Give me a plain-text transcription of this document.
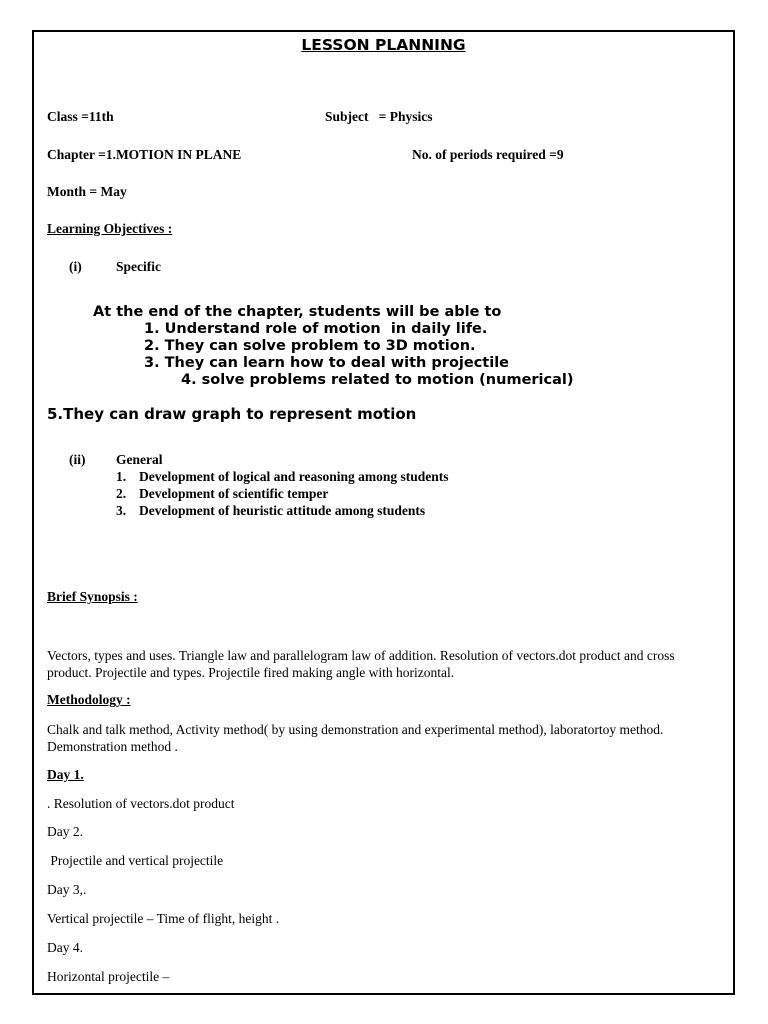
LESSON PLANNING
Class =11th	Subject   = Physics
Chapter =1.MOTION IN PLANE	No. of periods required =9
Month = May
Learning Objectives :
(i)	Specific
At the end of the chapter, students will be able to
1. Understand role of motion  in daily life.
2. They can solve problem to 3D motion.
3. They can learn how to deal with projectile
4. solve problems related to motion (numerical)
5.They can draw graph to represent motion
(ii) General
1. Development of logical and reasoning among students
2. Development of scientific temper
3. Development of heuristic attitude among students
Brief Synopsis :
Vectors, types and uses. Triangle law and parallelogram law of addition. Resolution of vectors.dot product and cross product. Projectile and types. Projectile fired making angle with horizontal.
Methodology :
Chalk and talk method, Activity method( by using demonstration and experimental method), laboratortoy method. Demonstration method .
Day 1.
. Resolution of vectors.dot product
Day 2.
Projectile and vertical projectile
Day 3,.
Vertical projectile – Time of flight, height .
Day 4.
Horizontal projectile –
